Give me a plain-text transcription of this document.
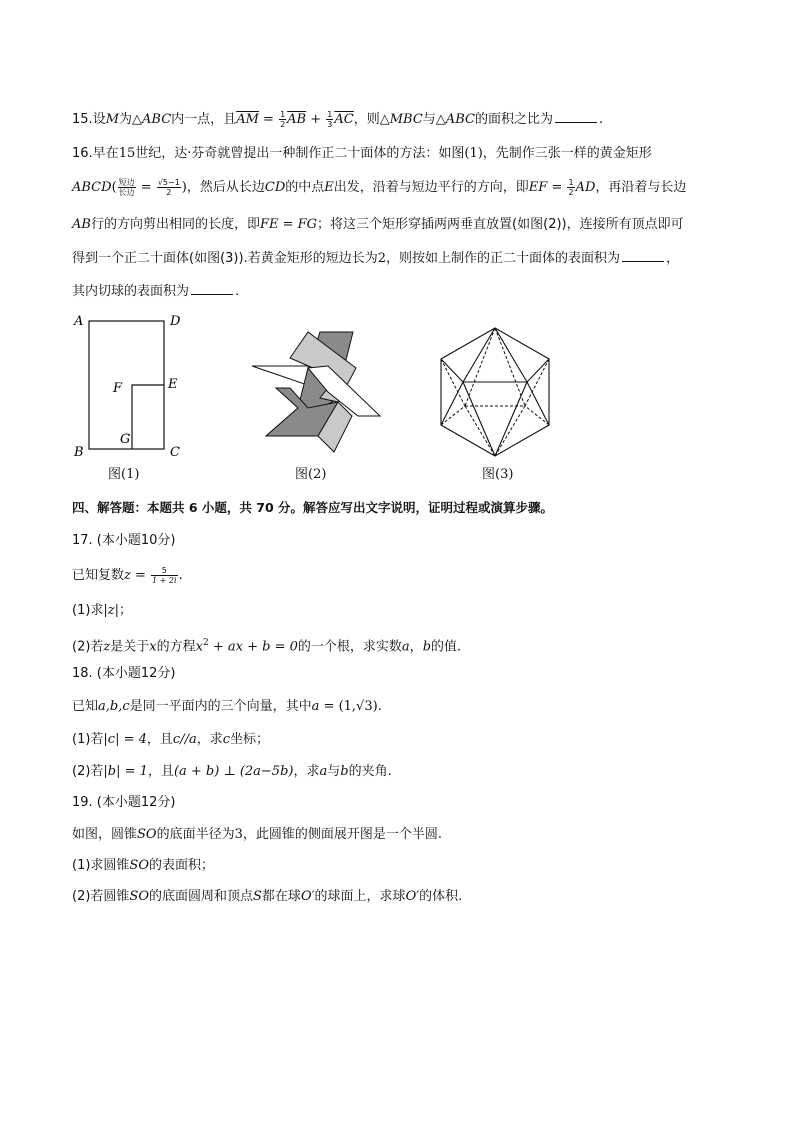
15.设M为△ABC内一点，且$\overline{AM} = \frac{1}{2} \overline{AB} + \frac{1}{3} \overline{AC}$，则△MBC与△ABC的面积之比为	.
16.早在15世纪，达·芬奇就曾提出一种制作正二十面体的方法：如图(1)，先制作三张一样的黄金矩形
ABCD( $\frac{\text{短边}}{\text{长边}} = \frac{√5-1}{2}$ )，然后从长边CD的中点E出发，沿着与短边平行的方向，即EF = $\frac{1}{2}$ AD，再沿着与长边
AB行的方向剪出相同的长度，即FE = FG；将这三个矩形穿插两两垂直放置(如图(2))，连接所有顶点即可
得到一个正二十面体(如图(3)).若黄金矩形的短边长为2，则按如上制作的正二十面体的表面积为	，
其内切球的表面积为	.
A	D
F	E
G
B	C
图(1)	图(2)	图(3)
四、解答题：本题共 6 小题，共 70 分。解答应写出文字说明，证明过程或演算步骤。
17. (本小题10分)
已知复数$z = \frac{5}{1 + 2i}$ .
(1)求|z|；
(2)若z是关于x的方程$x^2$ + ax + b = 0的一个根，求实数a，b的值.
18. (本小题12分)
已知a,b,c是同一平面内的三个向量，其中a = (1,√3).
(1)若|c| = 4，且c//a，求c坐标；
(2)若|b| = 1，且(a + b) ⊥ (2a−5b)，求a与b的夹角.
19. (本小题12分)
如图，圆锥SO的底面半径为3，此圆锥的侧面展开图是一个半圆.
(1)求圆锥SO的表面积；
(2)若圆锥SO的底面圆周和顶点S都在球O′的球面上，求球O′的体积.
